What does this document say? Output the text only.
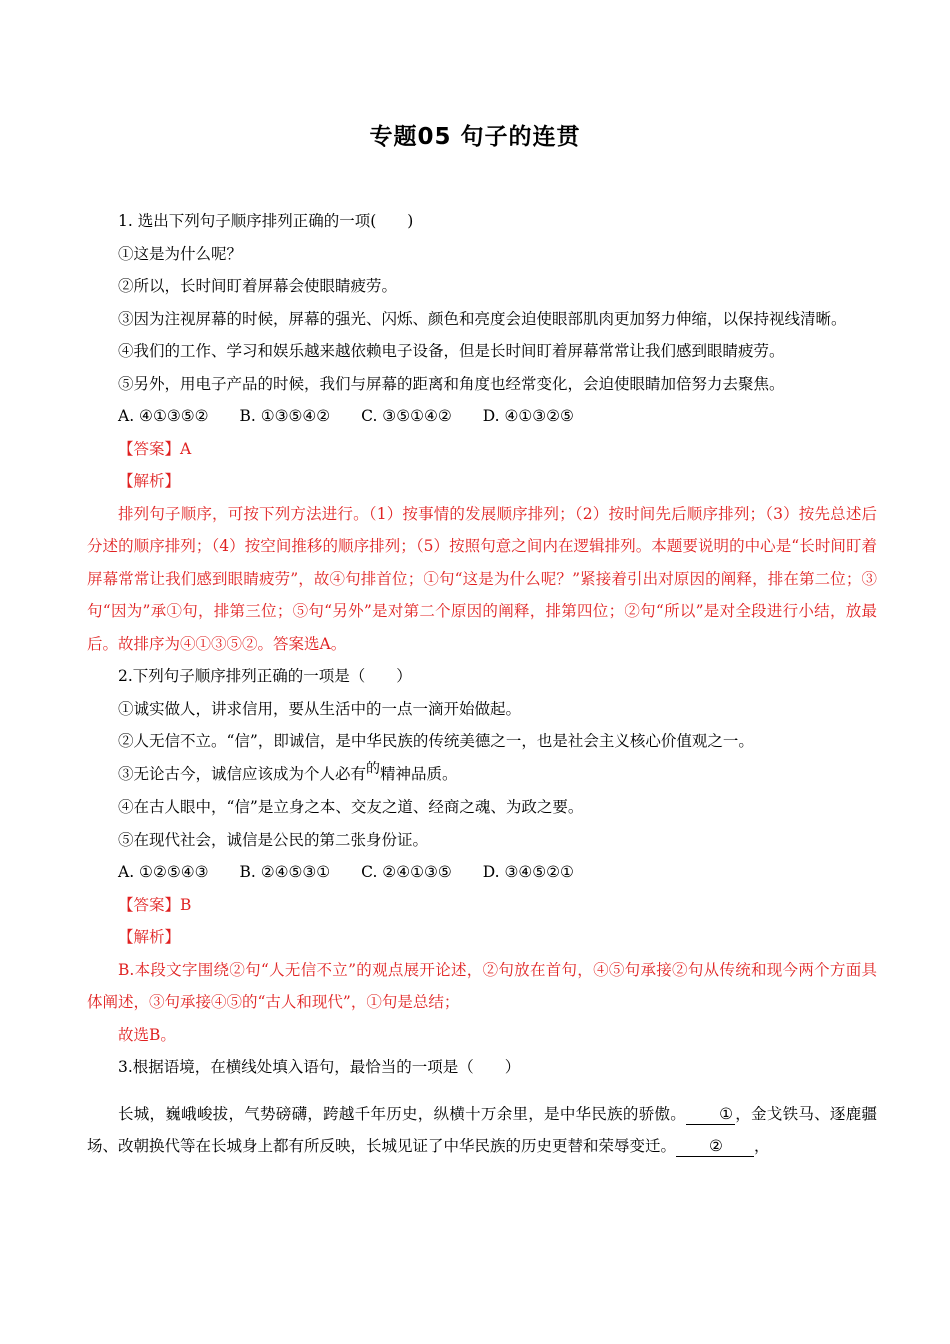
专题05 句子的连贯

1. 选出下列句子顺序排列正确的一项(　　)

①这是为什么呢？

②所以，长时间盯着屏幕会使眼睛疲劳。

③因为注视屏幕的时候，屏幕的强光、闪烁、颜色和亮度会迫使眼部肌肉更加努力伸缩，以保持视线清晰。

④我们的工作、学习和娱乐越来越依赖电子设备，但是长时间盯着屏幕常常让我们感到眼睛疲劳。

⑤另外，用电子产品的时候，我们与屏幕的距离和角度也经常变化，会迫使眼睛加倍努力去聚焦。

A. ④①③⑤② B. ①③⑤④② C. ③⑤①④② D. ④①③②⑤

【答案】A

【解析】

排列句子顺序，可按下列方法进行。（1）按事情的发展顺序排列；（2）按时间先后顺序排列；（3）按先总述后分述的顺序排列；（4）按空间推移的顺序排列；（5）按照句意之间内在逻辑排列。本题要说明的中心是“长时间盯着屏幕常常让我们感到眼睛疲劳”，故④句排首位；①句“这是为什么呢？”紧接着引出对原因的阐释，排在第二位；③句“因为”承①句，排第三位；⑤句“另外”是对第二个原因的阐释，排第四位；②句“所以”是对全段进行小结，放最后。故排序为④①③⑤②。答案选A。

2.下列句子顺序排列正确的一项是（　　）

①诚实做人，讲求信用，要从生活中的一点一滴开始做起。

②人无信不立。“信”，即诚信，是中华民族的传统美德之一，也是社会主义核心价值观之一。

③无论古今，诚信应该成为个人必有的精神品质。

④在古人眼中，“信”是立身之本、交友之道、经商之魂、为政之要。

⑤在现代社会，诚信是公民的第二张身份证。

A. ①②⑤④③ B. ②④⑤③① C. ②④①③⑤ D. ③④⑤②①

【答案】B

【解析】

B.本段文字围绕②句“人无信不立”的观点展开论述，②句放在首句，④⑤句承接②句从传统和现今两个方面具体阐述，③句承接④⑤的“古人和现代”，①句是总结；

故选B。

3.根据语境，在横线处填入语句，最恰当的一项是（　　）

长城，巍峨峻拔，气势磅礴，跨越千年历史，纵横十万余里，是中华民族的骄傲。 ① ，金戈铁马、逐鹿疆场、改朝换代等在长城身上都有所反映，长城见证了中华民族的历史更替和荣辱变迁。 ② ，
